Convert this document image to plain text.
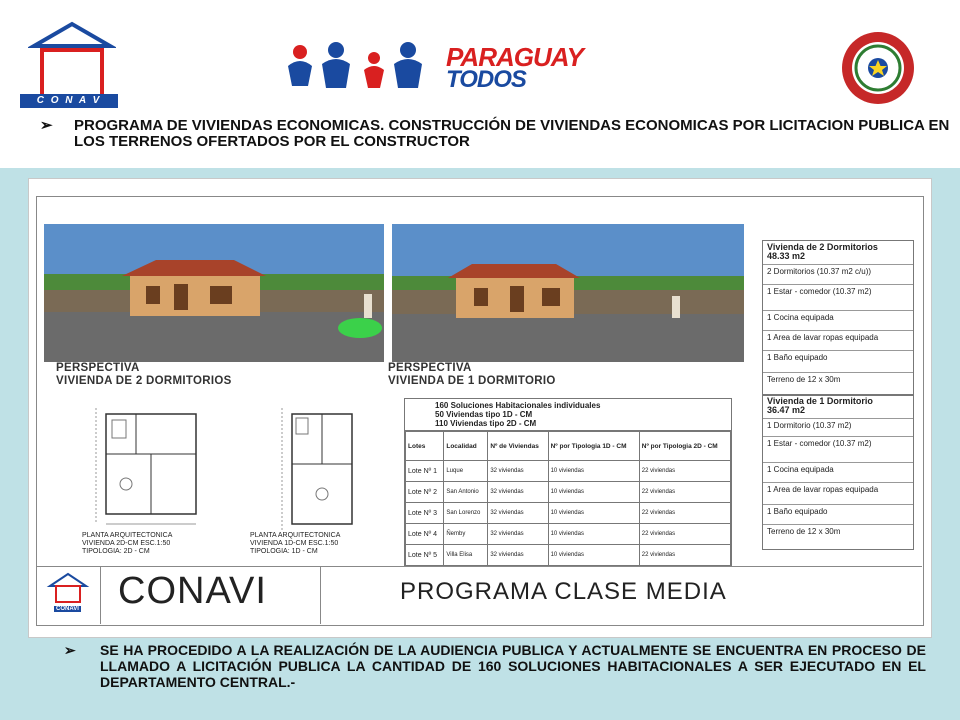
C O N A V
PARAGUAY
TODOS
➢ PROGRAMA DE VIVIENDAS ECONOMICAS. CONSTRUCCIÓN DE VIVIENDAS ECONOMICAS POR LICITACION PUBLICA EN LOS TERRENOS OFERTADOS POR EL CONSTRUCTOR
PERSPECTIVA
VIVIENDA DE 2 DORMITORIOS
PERSPECTIVA
VIVIENDA DE 1 DORMITORIO
Vivienda de 2 Dormitorios
48.33 m2
2 Dormitorios (10.37 m2 c/u))
1 Estar - comedor (10.37 m2)
1 Cocina equipada
1 Area de lavar ropas equipada
1 Baño equipado
Terreno de 12 x 30m
Vivienda de 1 Dormitorio
36.47 m2
1 Dormitorio (10.37 m2)
1 Estar - comedor (10.37 m2)
1 Cocina equipada
1 Area de lavar ropas equipada
1 Baño equipado
Terreno de 12 x 30m
160 Soluciones Habitacionales individuales
50 Viviendas tipo 1D - CM
110 Viviendas tipo 2D - CM
Lotes	Localidad	Nº de Viviendas	Nº por Tipologia 1D - CM	Nº por Tipologia 2D - CM
Lote Nº 1	Luque	32 viviendas	10 viviendas	22 viviendas
Lote Nº 2	San Antonio	32 viviendas	10 viviendas	22 viviendas
Lote Nº 3	San Lorenzo	32 viviendas	10 viviendas	22 viviendas
Lote Nº 4	Ñemby	32 viviendas	10 viviendas	22 viviendas
Lote Nº 5	Villa Elisa	32 viviendas	10 viviendas	22 viviendas
PLANTA ARQUITECTONICA
VIVIENDA 2D-CM ESC.1:50
TIPOLOGIA: 2D - CM
PLANTA ARQUITECTONICA
VIVIENDA 1D-CM ESC.1:50
TIPOLOGIA: 1D - CM
CONAVI CONAVI	PROGRAMA CLASE MEDIA
➢ SE HA PROCEDIDO A LA REALIZACIÓN DE LA AUDIENCIA PUBLICA Y ACTUALMENTE SE ENCUENTRA EN PROCESO DE LLAMADO A LICITACIÓN PUBLICA LA CANTIDAD DE 160 SOLUCIONES HABITACIONALES A SER EJECUTADO EN EL DEPARTAMENTO CENTRAL.-
